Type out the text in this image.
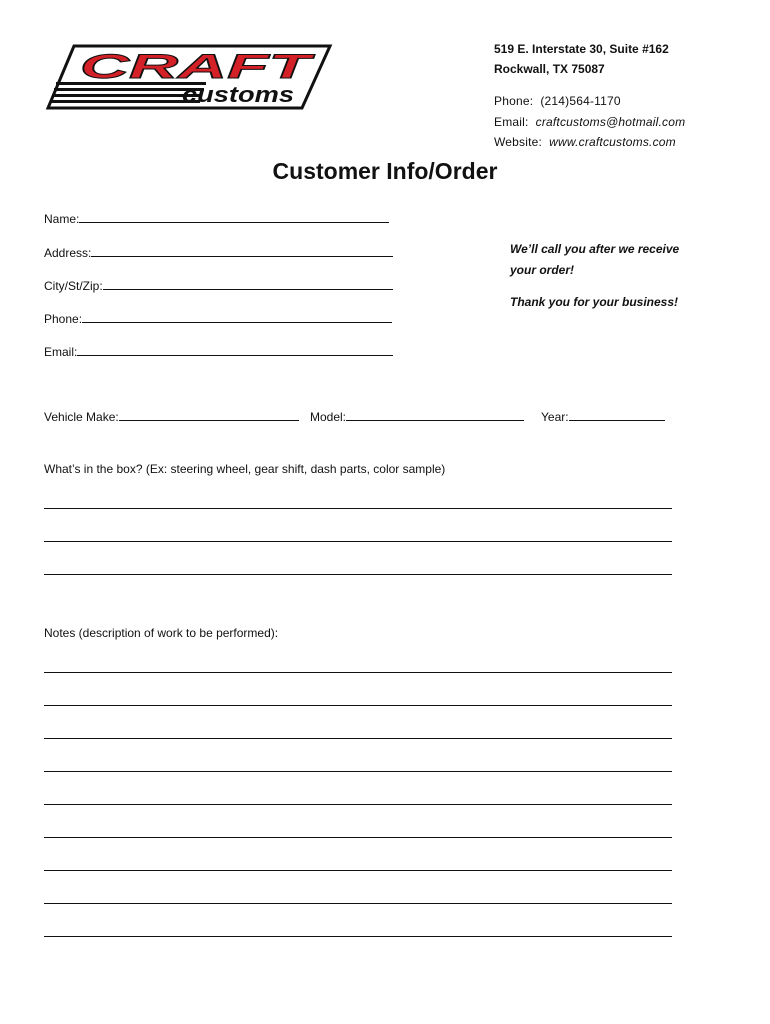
CRAFT
customs
519 E. Interstate 30, Suite #162
Rockwall, TX 75087
Phone: (214)564-1170
Email: craftcustoms@hotmail.com
Website: www.craftcustoms.com
Customer Info/Order
Name:
Address:
City/St/Zip:
Phone:
Email:
We’ll call you after we receive
your order!
Thank you for your business!
Vehicle Make:	Model:	Year:
What’s in the box? (Ex: steering wheel, gear shift, dash parts, color sample)
Notes (description of work to be performed):
